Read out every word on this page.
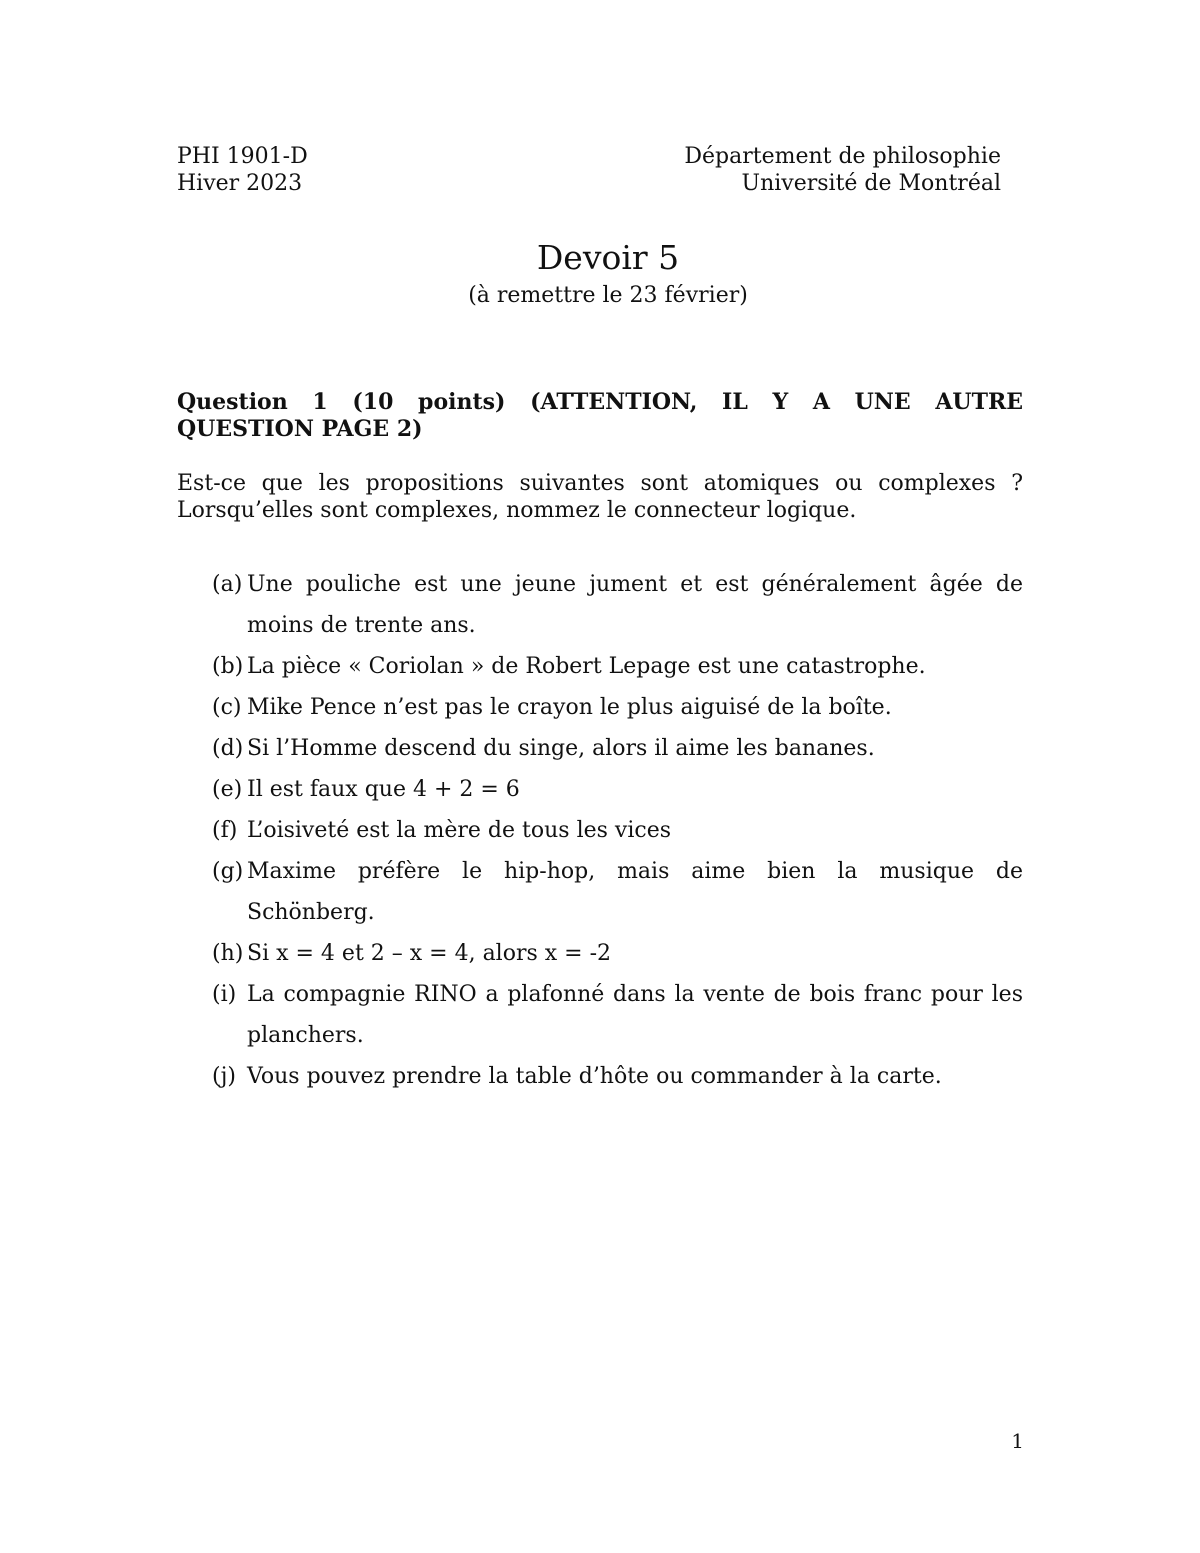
PHI 1901-D
Hiver 2023
Département de philosophie
Université de Montréal
Devoir 5
(à remettre le 23 février)

Question 1 (10 points) (ATTENTION, IL Y A UNE AUTRE
QUESTION PAGE 2)

Est-ce que les propositions suivantes sont atomiques ou complexes ?
Lorsqu’elles sont complexes, nommez le connecteur logique.
(a) Une pouliche est une jeune jument et est généralement âgée de moins de trente ans.
(b) La pièce « Coriolan » de Robert Lepage est une catastrophe.
(c) Mike Pence n’est pas le crayon le plus aiguisé de la boîte.
(d) Si l’Homme descend du singe, alors il aime les bananes.
(e) Il est faux que 4 + 2 = 6
(f) L’oisiveté est la mère de tous les vices
(g) Maxime préfère le hip-hop, mais aime bien la musique de Schönberg.
(h) Si x = 4 et 2 – x = 4, alors x = -2
(i) La compagnie RINO a plafonné dans la vente de bois franc pour les planchers.
(j) Vous pouvez prendre la table d’hôte ou commander à la carte.
1
